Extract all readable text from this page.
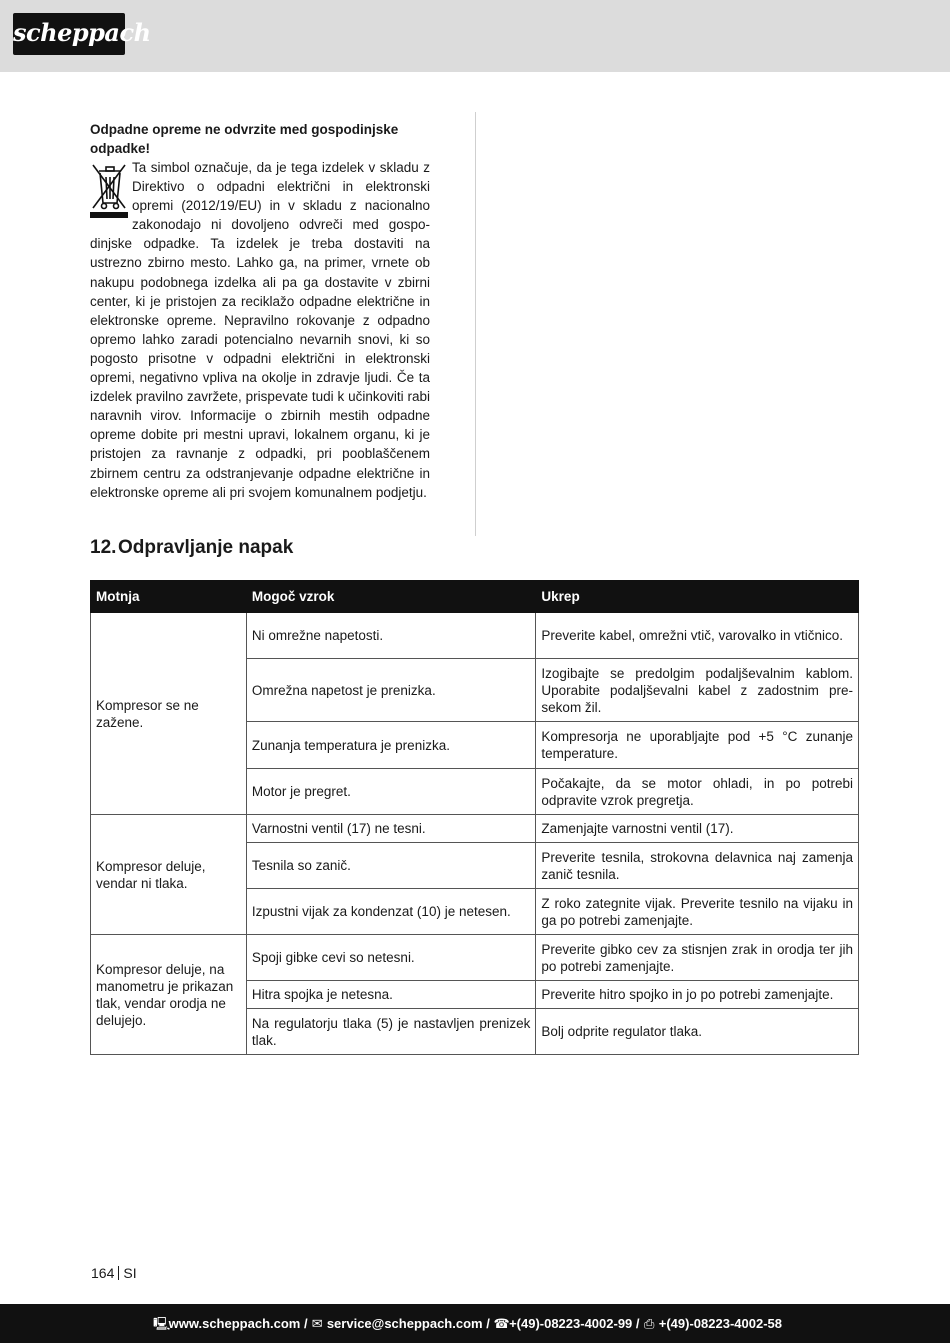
scheppach
Odpadne opreme ne odvrzite med gospodinjske odpadke!
Ta simbol označuje, da je tega izdelek v skladu z Direktivo o odpadni električni in elektronski opremi (2012/19/EU) in v skladu z nacionalno zakonodajo ni dovoljeno odvreči med gospodinjske odpadke. Ta izdelek je treba dostaviti na ustrezno zbirno mesto. Lahko ga, na primer, vrnete ob nakupu podobnega izdelka ali pa ga dostavite v zbirni center, ki je pristojen za reciklažo odpadne električne in elektronske opreme. Nepravilno rokovanje z odpadno opremo lahko zaradi potencialno nevarnih snovi, ki so pogosto prisotne v odpadni električni in elektronski opremi, negativno vpliva na okolje in zdravje ljudi. Če ta izdelek pravilno zavržete, prispevate tudi k učinkoviti rabi naravnih virov. Informacije o zbirnih mestih odpadne opreme dobite pri mestni upravi, lokalnem organu, ki je pristojen za ravnanje z odpadki, pri pooblaščenem zbirnem centru za odstranjevanje odpadne električne in elektronske opreme ali pri svojem komunalnem podjetju.
12.Odpravljanje napak
Motnja	Mogoč vzrok	Ukrep
Kompresor se ne zažene.	Ni omrežne napetosti.	Preverite kabel, omrežni vtič, varovalko in vtičnico.
	Omrežna napetost je prenizka.	Izogibajte se predolgim podaljševalnim kablom. Uporabite podaljševalni kabel z zadostnim presekom žil.
	Zunanja temperatura je prenizka.	Kompresorja ne uporabljajte pod +5 °C zunanje temperature.
	Motor je pregret.	Počakajte, da se motor ohladi, in po potrebi odpravite vzrok pregretja.
Kompresor deluje, vendar ni tlaka.	Varnostni ventil (17) ne tesni.	Zamenjajte varnostni ventil (17).
	Tesnila so zanič.	Preverite tesnila, strokovna delavnica naj zamenja zanič tesnila.
	Izpustni vijak za kondenzat (10) je netesen.	Z roko zategnite vijak. Preverite tesnilo na vijaku in ga po potrebi zamenjajte.
Kompresor deluje, na manometru je prikazan tlak, vendar orodja ne delujejo.	Spoji gibke cevi so netesni.	Preverite gibko cev za stisnjen zrak in orodja ter jih po potrebi zamenjajte.
	Hitra spojka je netesna.	Preverite hitro spojko in jo po potrebi zamenjajte.
	Na regulatorju tlaka (5) je nastavljen prenizek tlak.	Bolj odprite regulator tlaka.
164 SI
🖳 www.scheppach.com / ✉ service@scheppach.com / ☎ +(49)-08223-4002-99 / ⎙ +(49)-08223-4002-58
